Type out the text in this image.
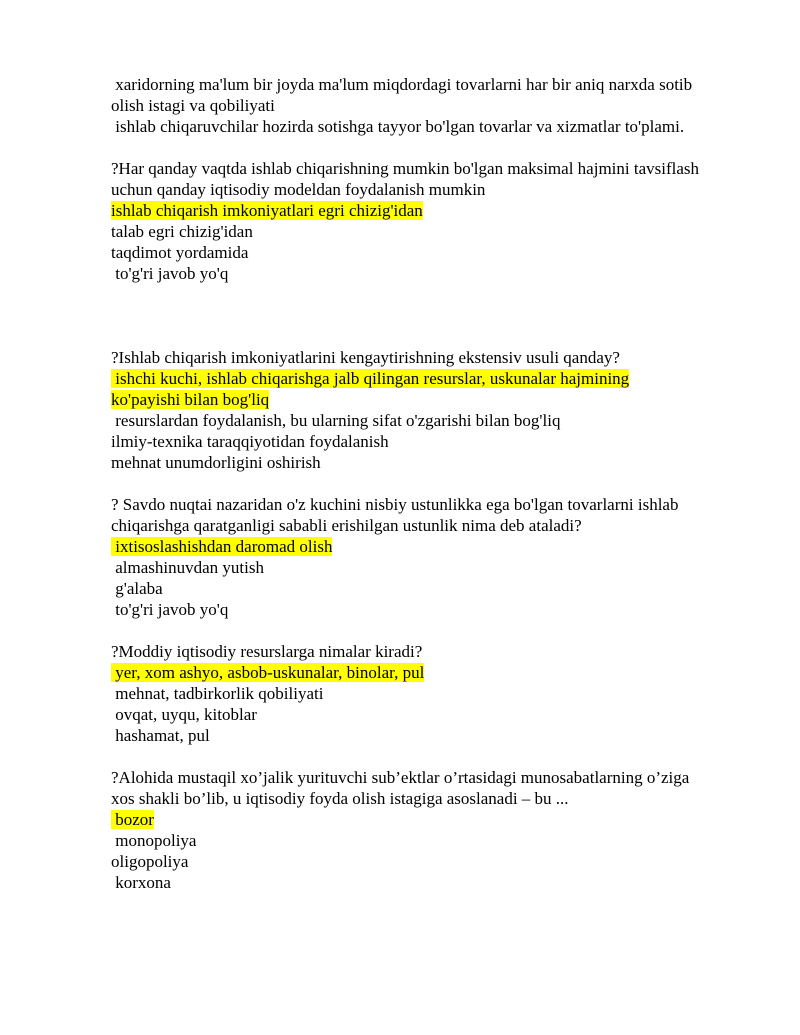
xaridorning ma'lum bir joyda ma'lum miqdordagi tovarlarni har bir aniq narxda sotib
olish istagi va qobiliyati
ishlab chiqaruvchilar hozirda sotishga tayyor bo'lgan tovarlar va xizmatlar to'plami.
?Har qanday vaqtda ishlab chiqarishning mumkin bo'lgan maksimal hajmini tavsiflash
uchun qanday iqtisodiy modeldan foydalanish mumkin
ishlab chiqarish imkoniyatlari egri chizig'idan
talab egri chizig'idan
taqdimot yordamida
to'g'ri javob yo'q
?Ishlab chiqarish imkoniyatlarini kengaytirishning ekstensiv usuli qanday?
ishchi kuchi, ishlab chiqarishga jalb qilingan resurslar, uskunalar hajmining
ko'payishi bilan bog'liq
resurslardan foydalanish, bu ularning sifat o'zgarishi bilan bog'liq
ilmiy-texnika taraqqiyotidan foydalanish
mehnat unumdorligini oshirish
? Savdo nuqtai nazaridan o'z kuchini nisbiy ustunlikka ega bo'lgan tovarlarni ishlab
chiqarishga qaratganligi sababli erishilgan ustunlik nima deb ataladi?
ixtisoslashishdan daromad olish
almashinuvdan yutish
g'alaba
to'g'ri javob yo'q
?Moddiy iqtisodiy resurslarga nimalar kiradi?
yer, xom ashyo, asbob-uskunalar, binolar, pul
mehnat, tadbirkorlik qobiliyati
ovqat, uyqu, kitoblar
hashamat, pul
?Alohida mustaqil xo’jalik yurituvchi sub’ektlar o’rtasidagi munosabatlarning o’ziga
xos shakli bo’lib, u iqtisodiy foyda olish istagiga asoslanadi – bu ...
bozor
monopoliya
oligopoliya
korxona
